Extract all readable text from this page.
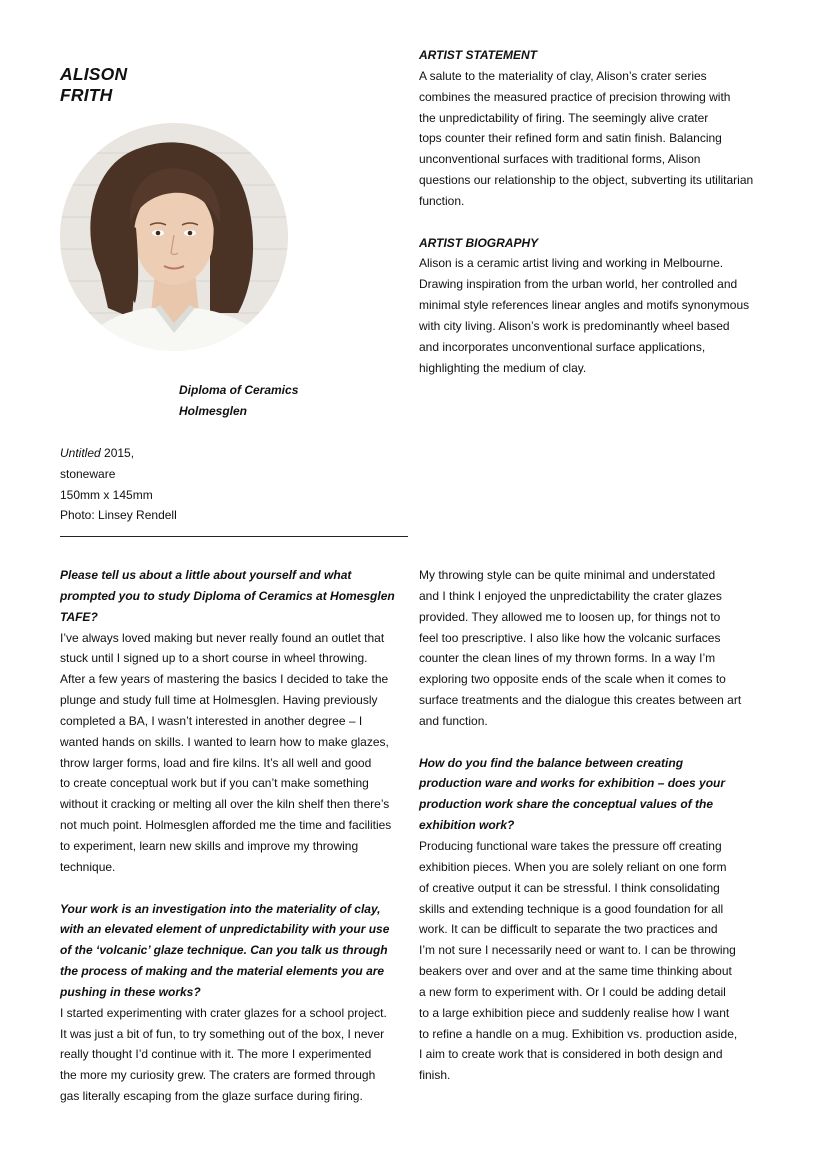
ALISON
FRITH
Diploma of Ceramics
Holmesglen
Untitled 2015,
stoneware
150mm x 145mm
Photo: Linsey Rendell
ARTIST STATEMENT
A salute to the materiality of clay, Alison’s crater series
combines the measured practice of precision throwing with
the unpredictability of firing. The seemingly alive crater
tops counter their refined form and satin finish. Balancing
unconventional surfaces with traditional forms, Alison
questions our relationship to the object, subverting its utilitarian
function.
ARTIST BIOGRAPHY
Alison is a ceramic artist living and working in Melbourne.
Drawing inspiration from the urban world, her controlled and
minimal style references linear angles and motifs synonymous
with city living. Alison’s work is predominantly wheel based
and incorporates unconventional surface applications,
highlighting the medium of clay.
Please tell us about a little about yourself and what
prompted you to study Diploma of Ceramics at Homesglen
TAFE?
I’ve always loved making but never really found an outlet that
stuck until I signed up to a short course in wheel throwing.
After a few years of mastering the basics I decided to take the
plunge and study full time at Holmesglen. Having previously
completed a BA, I wasn’t interested in another degree – I
wanted hands on skills. I wanted to learn how to make glazes,
throw larger forms, load and fire kilns. It’s all well and good
to create conceptual work but if you can’t make something
without it cracking or melting all over the kiln shelf then there’s
not much point. Holmesglen afforded me the time and facilities
to experiment, learn new skills and improve my throwing
technique.
Your work is an investigation into the materiality of clay,
with an elevated element of unpredictability with your use
of the ‘volcanic’ glaze technique. Can you talk us through
the process of making and the material elements you are
pushing in these works?
I started experimenting with crater glazes for a school project.
It was just a bit of fun, to try something out of the box, I never
really thought I’d continue with it. The more I experimented
the more my curiosity grew. The craters are formed through
gas literally escaping from the glaze surface during firing.
My throwing style can be quite minimal and understated
and I think I enjoyed the unpredictability the crater glazes
provided. They allowed me to loosen up, for things not to
feel too prescriptive. I also like how the volcanic surfaces
counter the clean lines of my thrown forms. In a way I’m
exploring two opposite ends of the scale when it comes to
surface treatments and the dialogue this creates between art
and function.
How do you find the balance between creating
production ware and works for exhibition – does your
production work share the conceptual values of the
exhibition work?
Producing functional ware takes the pressure off creating
exhibition pieces. When you are solely reliant on one form
of creative output it can be stressful. I think consolidating
skills and extending technique is a good foundation for all
work. It can be difficult to separate the two practices and
I’m not sure I necessarily need or want to. I can be throwing
beakers over and over and at the same time thinking about
a new form to experiment with. Or I could be adding detail
to a large exhibition piece and suddenly realise how I want
to refine a handle on a mug. Exhibition vs. production aside,
I aim to create work that is considered in both design and
finish.
